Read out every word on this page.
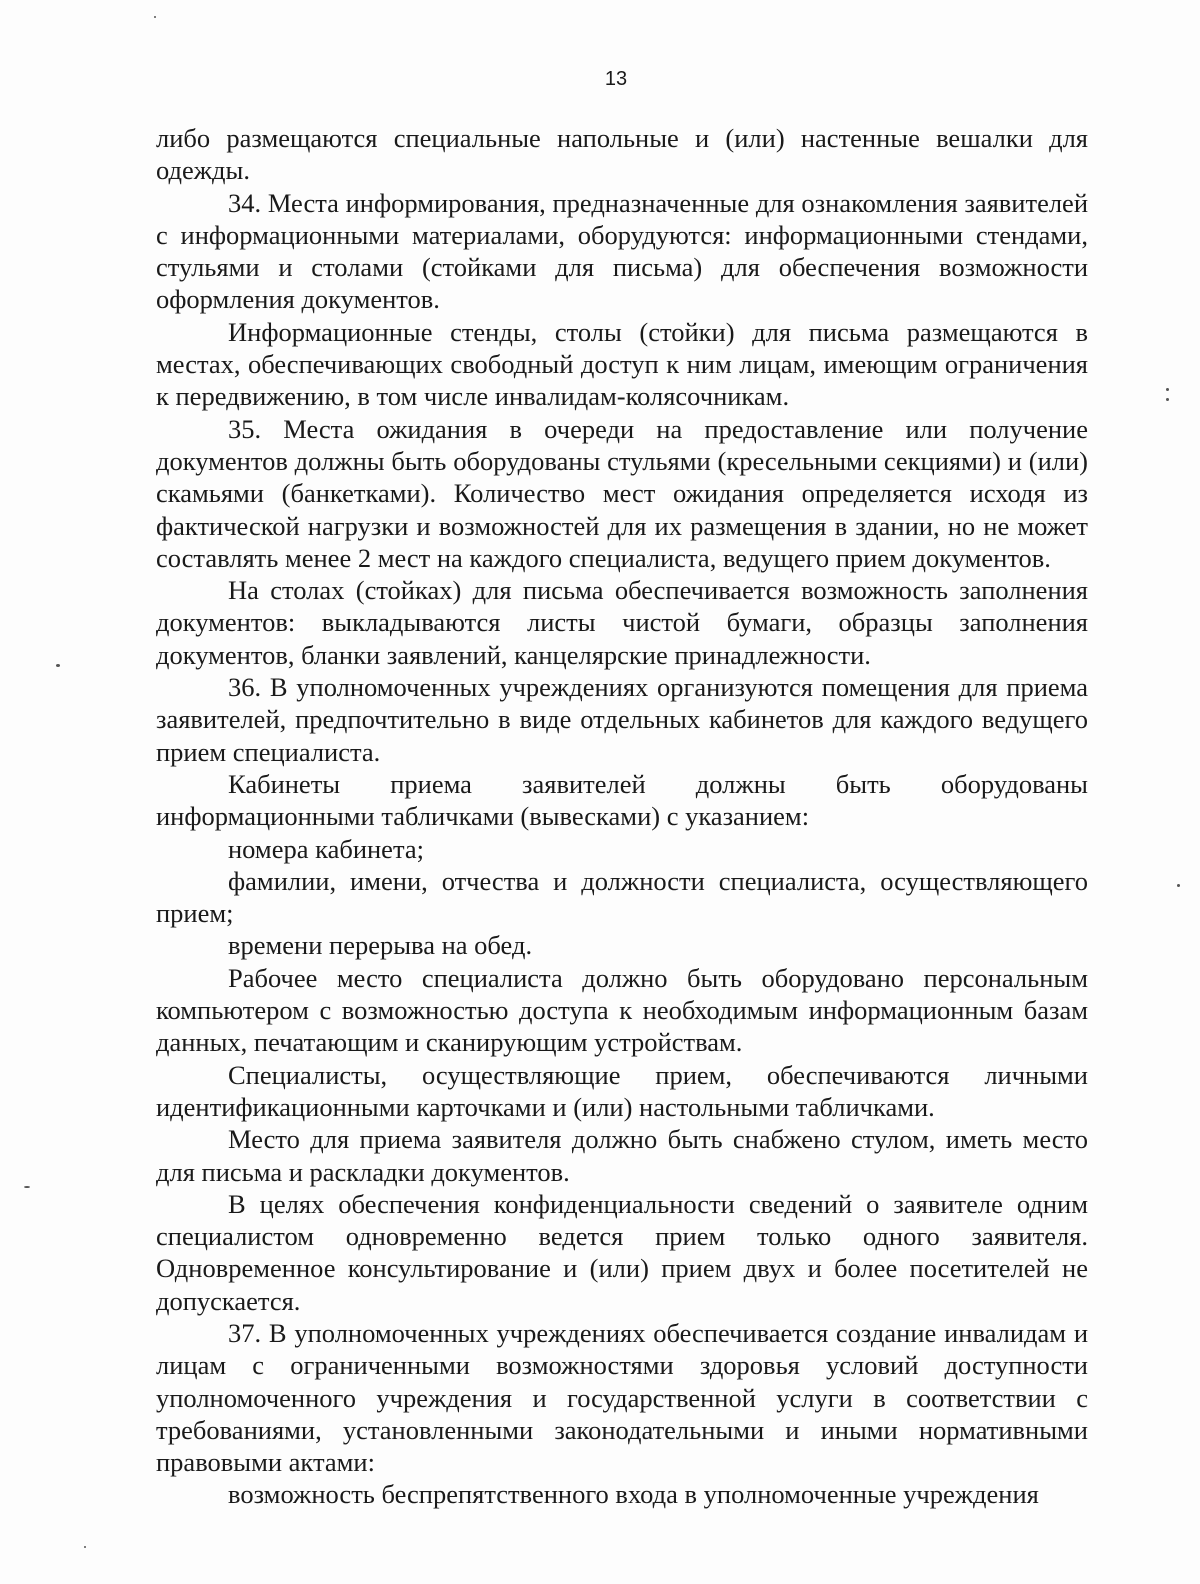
13

либо размещаются специальные напольные и (или) настенные вешалки для одежды.

34. Места информирования, предназначенные для ознакомления заявителей с информационными материалами, оборудуются: информационными стендами, стульями и столами (стойками для письма) для обеспечения возможности оформления документов.

Информационные стенды, столы (стойки) для письма размещаются в местах, обеспечивающих свободный доступ к ним лицам, имеющим ограничения к передвижению, в том числе инвалидам-колясочникам.

35. Места ожидания в очереди на предоставление или получение документов должны быть оборудованы стульями (кресельными секциями) и (или) скамьями (банкетками). Количество мест ожидания определяется исходя из фактической нагрузки и возможностей для их размещения в здании, но не может составлять менее 2 мест на каждого специалиста, ведущего прием документов.

На столах (стойках) для письма обеспечивается возможность заполнения документов: выкладываются листы чистой бумаги, образцы заполнения документов, бланки заявлений, канцелярские принадлежности.

36. В уполномоченных учреждениях организуются помещения для приема заявителей, предпочтительно в виде отдельных кабинетов для каждого ведущего прием специалиста.

Кабинеты приема заявителей должны быть оборудованы информационными табличками (вывесками) с указанием:

номера кабинета;

фамилии, имени, отчества и должности специалиста, осуществляющего прием;

времени перерыва на обед.

Рабочее место специалиста должно быть оборудовано персональным компьютером с возможностью доступа к необходимым информационным базам данных, печатающим и сканирующим устройствам.

Специалисты, осуществляющие прием, обеспечиваются личными идентификационными карточками и (или) настольными табличками.

Место для приема заявителя должно быть снабжено стулом, иметь место для письма и раскладки документов.

В целях обеспечения конфиденциальности сведений о заявителе одним специалистом одновременно ведется прием только одного заявителя. Одновременное консультирование и (или) прием двух и более посетителей не допускается.

37. В уполномоченных учреждениях обеспечивается создание инвалидам и лицам с ограниченными возможностями здоровья условий доступности уполномоченного учреждения и государственной услуги в соответствии с требованиями, установленными законодательными и иными нормативными правовыми актами:

возможность беспрепятственного входа в уполномоченные учреждения
